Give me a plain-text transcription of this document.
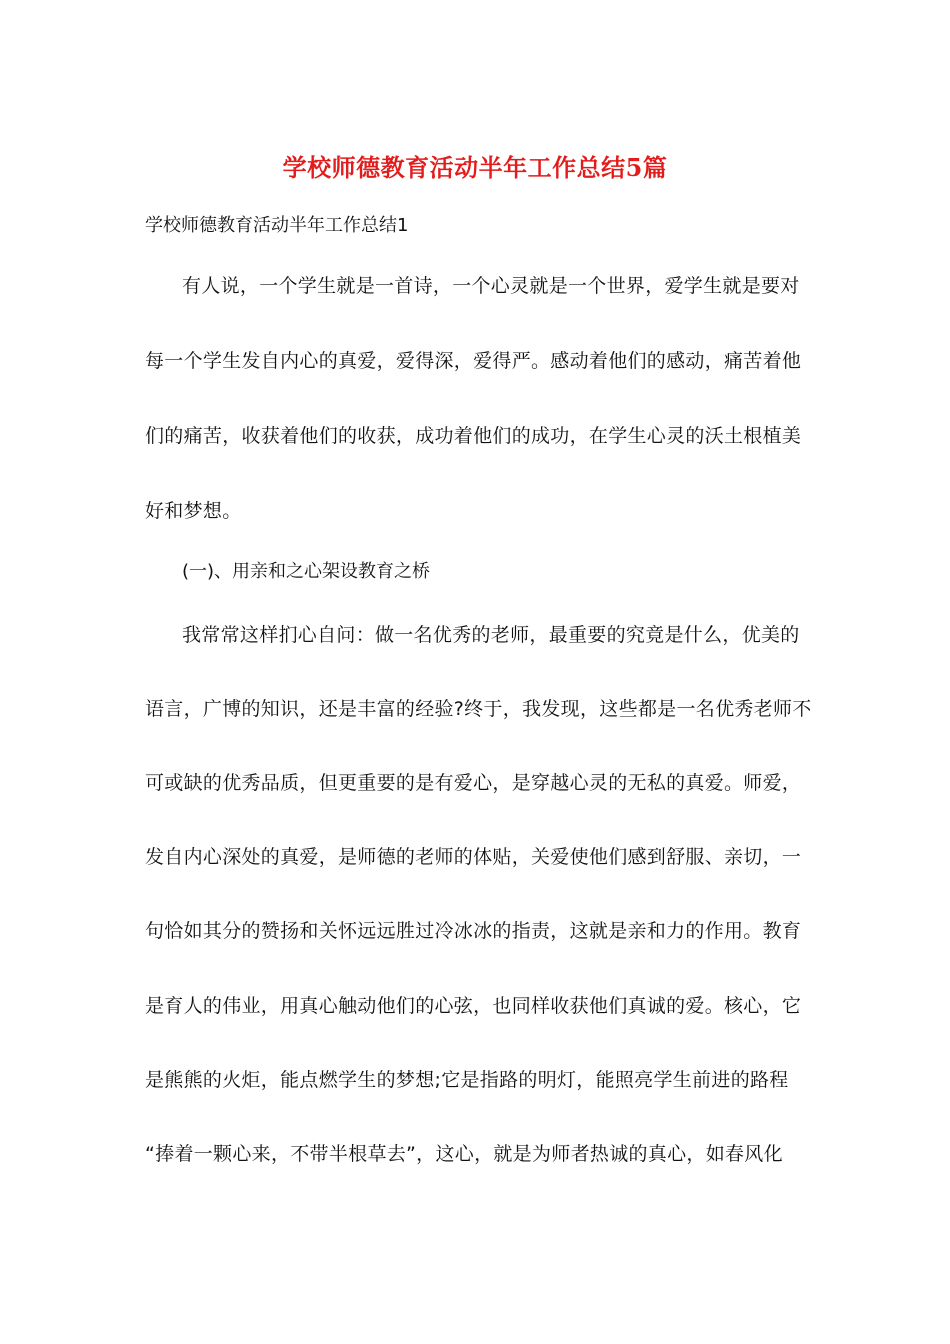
学校师德教育活动半年工作总结5篇
学校师德教育活动半年工作总结1
有人说，一个学生就是一首诗，一个心灵就是一个世界，爱学生就是要对
每一个学生发自内心的真爱，爱得深，爱得严。感动着他们的感动，痛苦着他
们的痛苦，收获着他们的收获，成功着他们的成功，在学生心灵的沃土根植美
好和梦想。
(一)、用亲和之心架设教育之桥
我常常这样扪心自问：做一名优秀的老师，最重要的究竟是什么，优美的
语言，广博的知识，还是丰富的经验?终于，我发现，这些都是一名优秀老师不
可或缺的优秀品质，但更重要的是有爱心，是穿越心灵的无私的真爱。师爱，
发自内心深处的真爱，是师德的老师的体贴，关爱使他们感到舒服、亲切，一
句恰如其分的赞扬和关怀远远胜过冷冰冰的指责，这就是亲和力的作用。教育
是育人的伟业，用真心触动他们的心弦，也同样收获他们真诚的爱。核心，它
是熊熊的火炬，能点燃学生的梦想;它是指路的明灯，能照亮学生前进的路程
“捧着一颗心来，不带半根草去”，这心，就是为师者热诚的真心，如春风化
